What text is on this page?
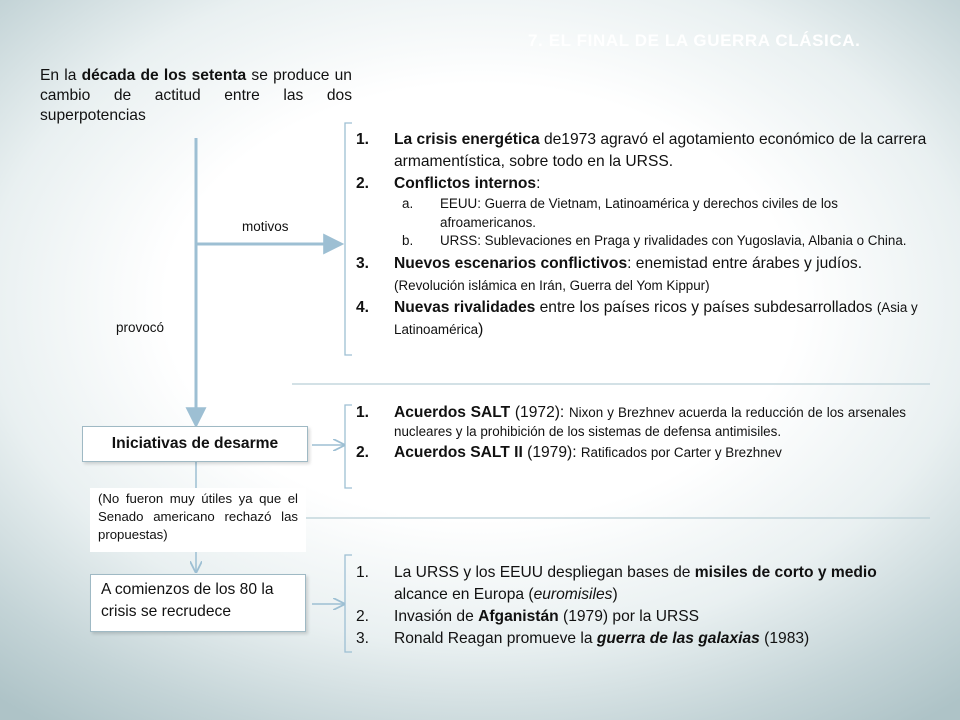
7. EL FINAL DE LA GUERRA CLÁSICA.
En la década de los setenta se produce un cambio de actitud entre las dos superpotencias
motivos
provocó
1. La crisis energética de1973 agravó el agotamiento económico de la carrera armamentística, sobre todo en la URSS.
2. Conflictos internos:
a. EEUU: Guerra de Vietnam, Latinoamérica y derechos civiles de los afroamericanos.
b. URSS: Sublevaciones en Praga y rivalidades con Yugoslavia, Albania o China.
3. Nuevos escenarios conflictivos: enemistad entre árabes y judíos. (Revolución islámica en Irán, Guerra del Yom Kippur)
4. Nuevas rivalidades entre los países ricos y países subdesarrollados (Asia y Latinoamérica)
Iniciativas de desarme
(No fueron muy útiles ya que el Senado americano rechazó las propuestas)
1. Acuerdos SALT (1972): Nixon y Brezhnev acuerda la reducción de los arsenales nucleares y la prohibición de los sistemas de defensa antimisiles.
2. Acuerdos SALT II (1979): Ratificados por Carter y Brezhnev
A comienzos de los 80 la crisis se recrudece
1. La URSS y los EEUU despliegan bases de misiles de corto y medio alcance en Europa (euromisiles)
2. Invasión de Afganistán (1979) por la URSS
3. Ronald Reagan promueve la guerra de las galaxias (1983)
